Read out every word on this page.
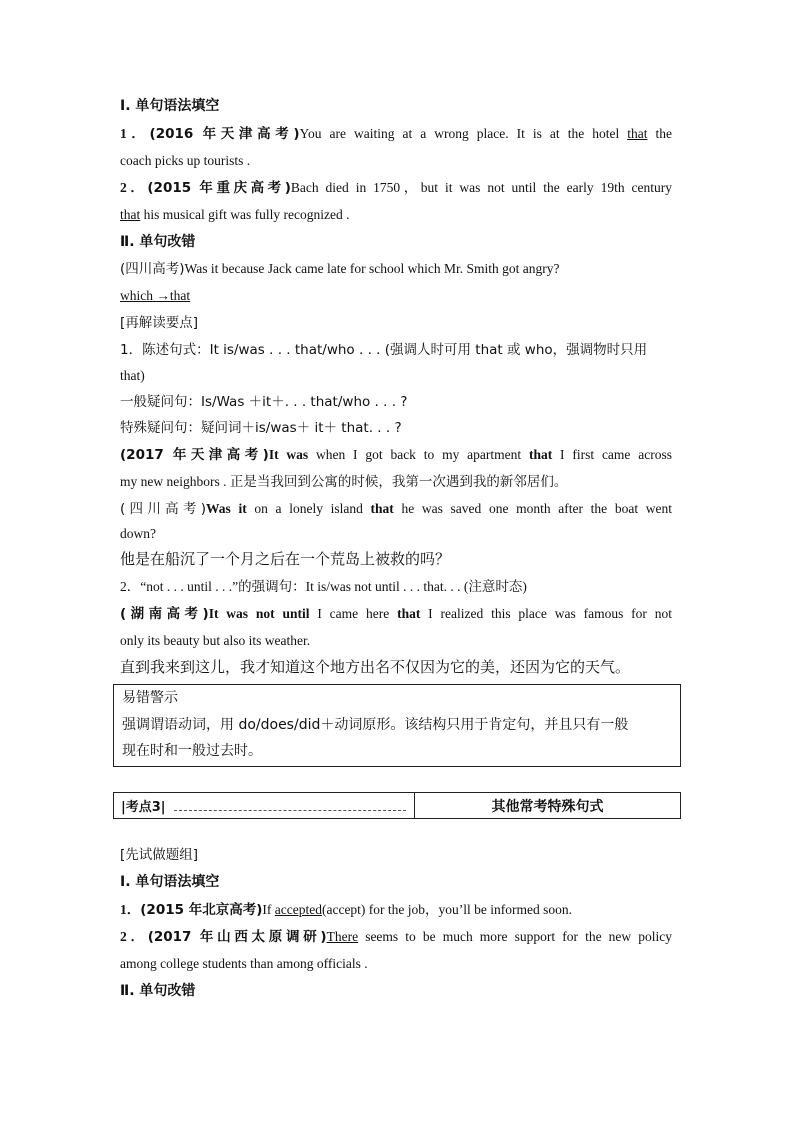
Ⅰ. 单句语法填空
1．(2016 年天津高考)You are waiting at a wrong place. It is at the hotel that the
coach picks up tourists .
2．(2015 年重庆高考)Bach died in 1750，but it was not until the early 19th century
that his musical gift was fully recognized .
Ⅱ. 单句改错
(四川高考)Was it because Jack came late for school which Mr. Smith got angry?
which →that
[再解读要点]
1．陈述句式：It is/was . . . that/who . . . (强调人时可用 that 或 who，强调物时只用
that)
一般疑问句：Is/Was ＋it＋. . . that/who . . . ?
特殊疑问句：疑问词＋is/was＋ it＋ that. . . ?
(2017 年天津高考)It was when I got back to my apartment that I first came across
my new neighbors . 正是当我回到公寓的时候，我第一次遇到我的新邻居们。
(四川高考)Was it on a lonely island that he was saved one month after the boat went
down?
他是在船沉了一个月之后在一个荒岛上被救的吗？
2．“not . . . until . . .”的强调句：It is/was not until . . . that. . . (注意时态)
(湖南高考)It was not until I came here that I realized this place was famous for not
only its beauty but also its weather.
直到我来到这儿，我才知道这个地方出名不仅因为它的美，还因为它的天气。
易错警示
强调谓语动词，用 do/does/did＋动词原形。该结构只用于肯定句，并且只有一般
现在时和一般过去时。
|考点3|	其他常考特殊句式
[先试做题组]
Ⅰ. 单句语法填空
1．(2015 年北京高考)If accepted(accept) for the job，you’ll be informed soon.
2．(2017 年山西太原调研)There seems to be much more support for the new policy
among college students than among officials .
Ⅱ. 单句改错
